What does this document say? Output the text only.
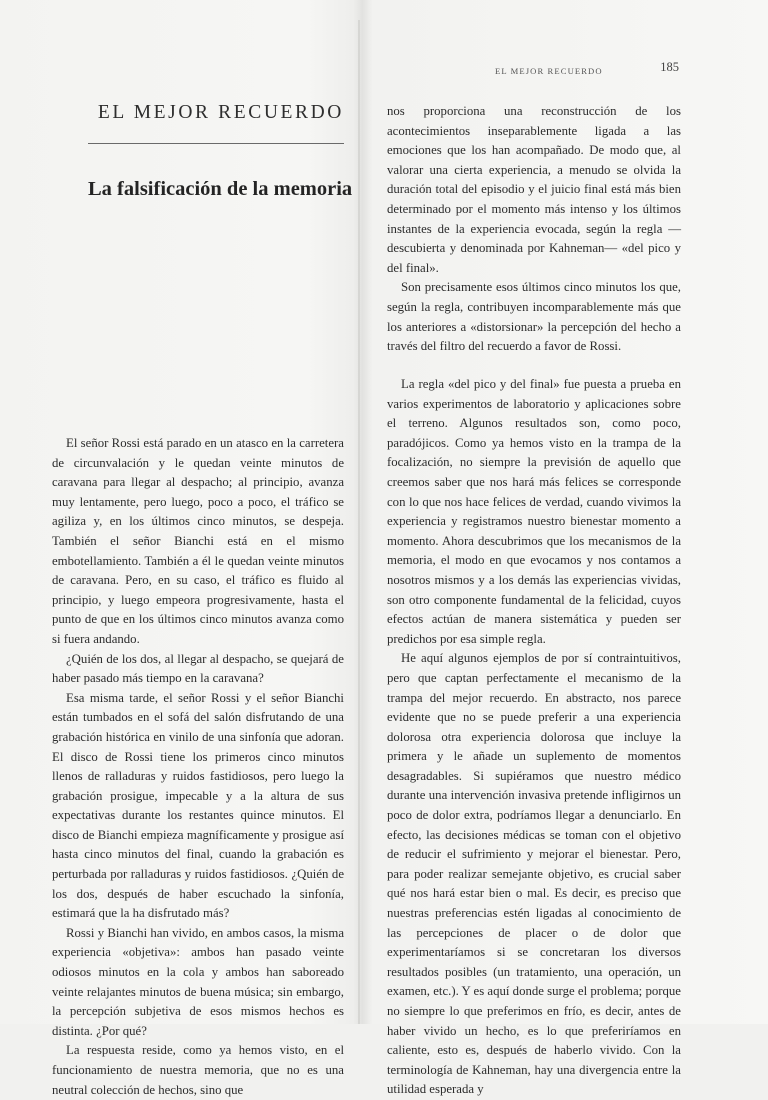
EL MEJOR RECUERDO
La falsificación de la memoria

El señor Rossi está parado en un atasco en la carretera de circunvalación y le quedan veinte minutos de caravana para llegar al despacho; al principio, avanza muy lentamente, pero luego, poco a poco, el tráfico se agiliza y, en los últimos cinco minutos, se despeja. También el señor Bianchi está en el mismo embotellamiento. También a él le quedan veinte minutos de caravana. Pero, en su caso, el tráfico es fluido al principio, y luego empeora progresivamente, hasta el punto de que en los últimos cinco minutos avanza como si fuera andando.

¿Quién de los dos, al llegar al despacho, se quejará de haber pasado más tiempo en la caravana?

Esa misma tarde, el señor Rossi y el señor Bianchi están tumbados en el sofá del salón disfrutando de una grabación histórica en vinilo de una sinfonía que adoran. El disco de Rossi tiene los primeros cinco minutos llenos de ralladuras y ruidos fastidiosos, pero luego la grabación prosigue, impecable y a la altura de sus expectativas durante los restantes quince minutos. El disco de Bianchi empieza magníficamente y prosigue así hasta cinco minutos del final, cuando la grabación es perturbada por ralladuras y ruidos fastidiosos. ¿Quién de los dos, después de haber escuchado la sinfonía, estimará que la ha disfrutado más?

Rossi y Bianchi han vivido, en ambos casos, la misma experiencia «objetiva»: ambos han pasado veinte odiosos minutos en la cola y ambos han saboreado veinte relajantes minutos de buena música; sin embargo, la percepción subjetiva de esos mismos hechos es distinta. ¿Por qué?

La respuesta reside, como ya hemos visto, en el funcionamiento de nuestra memoria, que no es una neutral colección de hechos, sino que

EL MEJOR RECUERDO	185

nos proporciona una reconstrucción de los acontecimientos inseparablemente ligada a las emociones que los han acompañado. De modo que, al valorar una cierta experiencia, a menudo se olvida la duración total del episodio y el juicio final está más bien determinado por el momento más intenso y los últimos instantes de la experiencia evocada, según la regla —descubierta y denominada por Kahneman— «del pico y del final».

Son precisamente esos últimos cinco minutos los que, según la regla, contribuyen incomparablemente más que los anteriores a «distorsionar» la percepción del hecho a través del filtro del recuerdo a favor de Rossi.

La regla «del pico y del final» fue puesta a prueba en varios experimentos de laboratorio y aplicaciones sobre el terreno. Algunos resultados son, como poco, paradójicos. Como ya hemos visto en la trampa de la focalización, no siempre la previsión de aquello que creemos saber que nos hará más felices se corresponde con lo que nos hace felices de verdad, cuando vivimos la experiencia y registramos nuestro bienestar momento a momento. Ahora descubrimos que los mecanismos de la memoria, el modo en que evocamos y nos contamos a nosotros mismos y a los demás las experiencias vividas, son otro componente fundamental de la felicidad, cuyos efectos actúan de manera sistemática y pueden ser predichos por esa simple regla.

He aquí algunos ejemplos de por sí contraintuitivos, pero que captan perfectamente el mecanismo de la trampa del mejor recuerdo. En abstracto, nos parece evidente que no se puede preferir a una experiencia dolorosa otra experiencia dolorosa que incluye la primera y le añade un suplemento de momentos desagradables. Si supiéramos que nuestro médico durante una intervención invasiva pretende infligirnos un poco de dolor extra, podríamos llegar a denunciarlo. En efecto, las decisiones médicas se toman con el objetivo de reducir el sufrimiento y mejorar el bienestar. Pero, para poder realizar semejante objetivo, es crucial saber qué nos hará estar bien o mal. Es decir, es preciso que nuestras preferencias estén ligadas al conocimiento de las percepciones de placer o de dolor que experimentaríamos si se concretaran los diversos resultados posibles (un tratamiento, una operación, un examen, etc.). Y es aquí donde surge el problema; porque no siempre lo que preferimos en frío, es decir, antes de haber vivido un hecho, es lo que preferiríamos en caliente, esto es, después de haberlo vivido. Con la terminología de Kahneman, hay una divergencia entre la utilidad esperada y
